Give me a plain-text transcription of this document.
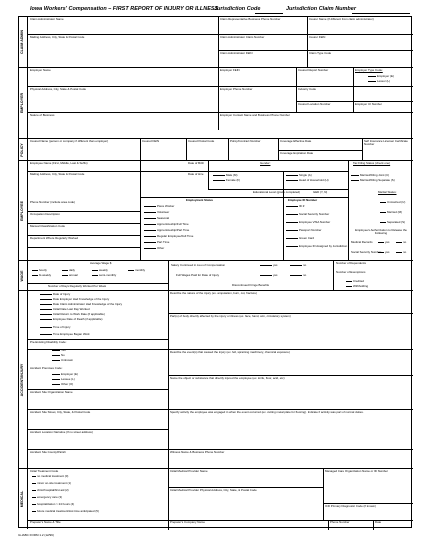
Iowa Workers' Compensation – FIRST REPORT OF INJURY OR ILLNESS
Jurisdiction Code	Jurisdiction Claim Number
CLAIM ADMIN
Claim Administrator Name	Claim Representative Business Phone Number	Insurer Name (If different from claim administrator)
Mailing Address, City, State & Postal Code	Claim Administrator Claim Number	Insurer FEIN
Claim Administrator FEIN	Claim Type Code
EMPLOYER
Employer Name	Employer FEIN	Insured Report Number	Employer Type Code:
Employer (E)
Lessor (L)
Physical Address, City, State & Postal Code	Employer Phone Number	Industry Code
Insured Location Number	Employer UI Number
Nature of Business	Employer Contact Name and Business Phone Number
POLICY
Insured Name (person or company if different than employer)	Insured FEIN	Insured Postal Code	Policy/Contract Number	Coverage Effective Date	Self Insurance License/ Certificate Number
Coverage Expiration Date
EMPLOYEE
Employee Name (First, Middle, Last & Suffix)	Date of Birth	Gender:	Tax Filing Status (check one)
Male (M)
Female (F)
Single (A)
Head of Household (H)
Married/Filing Joint (C)
Married/Filing Separate (S)
Mailing Address, City, State & Postal Code	Date of Hire
Educational Level (grade completed)	GED (Y, N)	Marital Status:
Unmarried (U)
Married (M)
Separated (S)
Employment Status	Employee ID Number
Phone Number (include area code)
Occupation Description
Manual Classification Code
Department Where Regularly Worked
Piece Worker
Volunteer
Seasonal
Apprenticeship/Full Time
Apprenticeship/Part Time
Regular Employee/Full Time
Part Time
Other
ID #
Social Security Number
Employee VISA Number
Passport Number
Green Card
Employee ID Assigned by Jurisdiction
Employee's Authorization to Release the Following
Medical Records	yes	no
Social Security Number	yes	no
WAGE
Average Wage $
hourly
bi-weekly
daily
annual
weekly
semi-monthly
monthly
Number of Days Regularly Worked Per Week
Salary Continued in Lieu of Compensation	yes	no
Full Wages Paid for Date of Injury	yes	no
Discontinued Fringe Benefits
Number of Dependents
Number of Exemptions
Credited
Withholding
ACCIDENT/INJURY
Date of Injury
Date Employer Had Knowledge of the Injury
Date Claim Administrator Had Knowledge of the Injury
Initial Date Last Day Worked
Initial Return to Work Date (if applicable)
Employee Date of Death (if applicable)
Time of Injury
Time Employee Began Work
Pre-Existing Disability Code:
Yes
No
Unknown
Accident Premises Code:
Employer (E)
Lessee (L)
Other (O)
Accident Site Organization Name
Accident Site Street, City, State, & Postal Code
Accident Location Narrative (If no street address)
Accident Site County/Parish
Describe the nature of the injury (ex. amputation, burn, cut, fracture)
Part(s) of body directly affected by the injury or illness (ex. face, hand, arm, circulatory system)
Describe the event(s) that caused the injury (ex. fell, spraining machinery, chemical exposure)
Name the object or substance that directly injured the employee (ex. knife, floor, acid, etc)
Specify activity the employee was engaged in when the event occurred (ex. cutting metal plate for flooring). Indicate if activity was part of normal duties.
Witness Name & Business Phone Number
MEDICAL
Initial Treatment Code
no medical treatment (0)
minor on-site treatment (1)
clinic/hospital/first aid (2)
emergency care (3)
hospitalization > 24 hours (4)
future medical treatment/lost time anticipated (5)
Initial Medical Provider Name	Managed Care Organization Name or ID Number
Initial Medical Provider Physical Address, City, State, & Postal Code
ICD Primary Diagnostic Code (if known)
Preparer's Name & Title	Preparer's Company Name	Phone Number	Date
IA-IABC FORM 1.2 (12/99)
